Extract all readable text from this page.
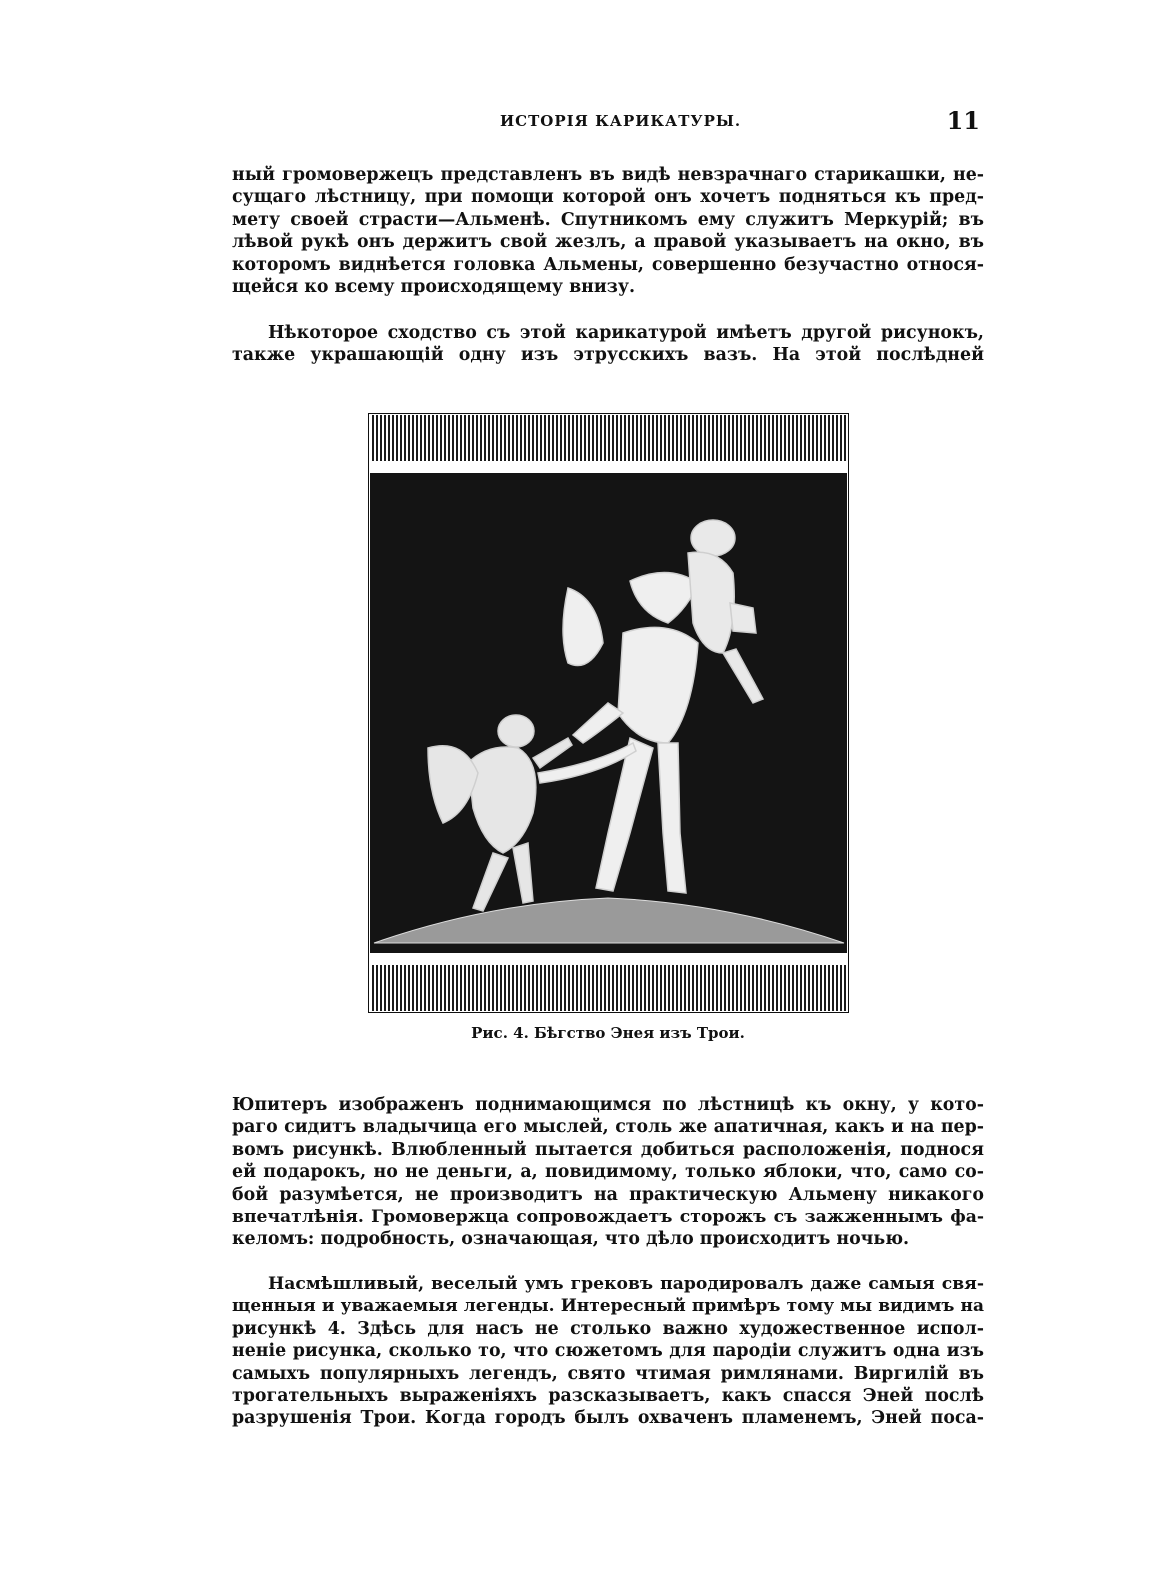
ИСТОРІЯ КАРИКАТУРЫ.	11
ный громовержецъ представленъ въ видѣ невзрачнаго старикашки, не-
сущаго лѣстницу, при помощи которой онъ хочетъ подняться къ пред-
мету своей страсти—Альменѣ. Спутникомъ ему служитъ Меркурій; въ
лѣвой рукѣ онъ держитъ свой жезлъ, а правой указываетъ на окно, въ
которомъ виднѣется головка Альмены, совершенно безучастно относя-
щейся ко всему происходящему внизу.
Нѣкоторое сходство съ этой карикатурой имѣетъ другой рисунокъ,
также украшающій одну изъ этрусскихъ вазъ. На этой послѣдней
Рис. 4. Бѣгство Энея изъ Трои.
Юпитеръ изображенъ поднимающимся по лѣстницѣ къ окну, у кото-
раго сидитъ владычица его мыслей, столь же апатичная, какъ и на пер-
вомъ рисункѣ. Влюбленный пытается добиться расположенія, поднося
ей подарокъ, но не деньги, а, повидимому, только яблоки, что, само со-
бой разумѣется, не производитъ на практическую Альмену никакого
впечатлѣнія. Громовержца сопровождаетъ сторожъ съ зажженнымъ фа-
келомъ: подробность, означающая, что дѣло происходитъ ночью.
Насмѣшливый, веселый умъ грековъ пародировалъ даже самыя свя-
щенныя и уважаемыя легенды. Интересный примѣръ тому мы видимъ на
рисункѣ 4. Здѣсь для насъ не столько важно художественное испол-
неніе рисунка, сколько то, что сюжетомъ для пародіи служитъ одна изъ
самыхъ популярныхъ легендъ, свято чтимая римлянами. Виргилій въ
трогательныхъ выраженіяхъ разсказываетъ, какъ спасся Эней послѣ
разрушенія Трои. Когда городъ былъ охваченъ пламенемъ, Эней поса-
